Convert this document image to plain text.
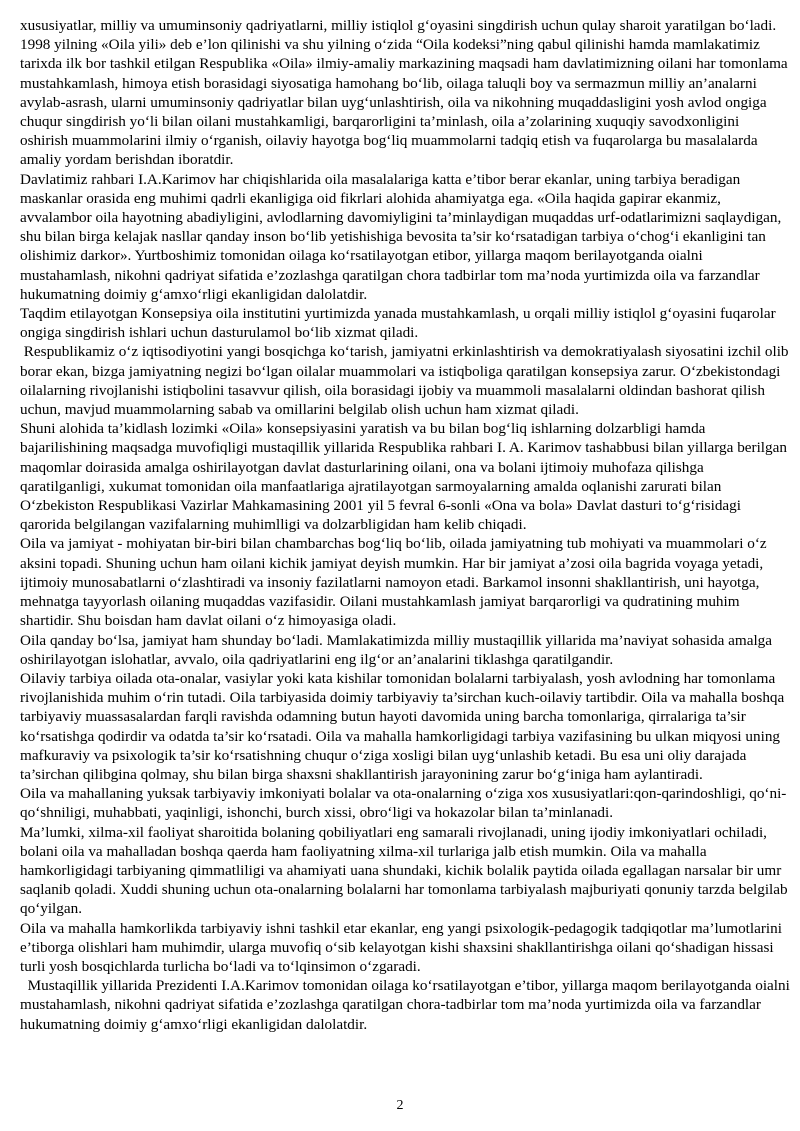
xususiyatlar, milliy va umuminsoniy qadriyatlarni, milliy istiqlol g‘oyasini singdirish uchun qulay sharoit yaratilgan bo‘ladi.

1998 yilning «Oila yili» deb e’lon qilinishi va shu yilning o‘zida “Oila kodeksi”ning qabul qilinishi hamda mamlakatimiz tarixda ilk bor tashkil etilgan Respublika «Oila» ilmiy-amaliy markazining maqsadi ham davlatimizning oilani har tomonlama mustahkamlash, himoya etish borasidagi siyosatiga hamohang bo‘lib, oilaga taluqli boy va sermazmun milliy an’analarni avylab-asrash, ularni umuminsoniy qadriyatlar bilan uyg‘unlashtirish, oila va nikohning muqaddasligini yosh avlod ongiga chuqur singdirish yo‘li bilan oilani mustahkamligi, barqarorligini ta’minlash, oila a’zolarining xuquqiy savodxonligini oshirish muammolarini ilmiy o‘rganish, oilaviy hayotga bog‘liq muammolarni tadqiq etish va fuqarolarga bu masalalarda amaliy yordam berishdan iboratdir.

Davlatimiz rahbari I.A.Karimov har chiqishlarida oila masalalariga katta e’tibor berar ekanlar, uning tarbiya beradigan maskanlar orasida eng muhimi qadrli ekanligiga oid fikrlari alohida ahamiyatga ega. «Oila haqida gapirar ekanmiz, avvalambor oila hayotning abadiyligini, avlodlarning davomiyligini ta’minlaydigan muqaddas urf-odatlarimizni saqlaydigan, shu bilan birga kelajak nasllar qanday inson bo‘lib yetishishiga bevosita ta’sir ko‘rsatadigan tarbiya o‘chog‘i ekanligini tan olishimiz darkor». Yurtboshimiz tomonidan oilaga ko‘rsatilayotgan etibor, yillarga maqom berilayotganda oialni mustahamlash, nikohni qadriyat sifatida e’zozlashga qaratilgan chora tadbirlar tom ma’noda yurtimizda oila va farzandlar hukumatning doimiy g‘amxo‘rligi ekanligidan dalolatdir.

Taqdim etilayotgan Konsepsiya oila institutini yurtimizda yanada mustahkamlash, u orqali milliy istiqlol g‘oyasini fuqarolar ongiga singdirish ishlari uchun dasturulamol bo‘lib xizmat qiladi.

Respublikamiz o‘z iqtisodiyotini yangi bosqichga ko‘tarish, jamiyatni erkinlashtirish va demokratiyalash siyosatini izchil olib borar ekan, bizga jamiyatning negizi bo‘lgan oilalar muammolari va istiqboliga qaratilgan konsepsiya zarur. O‘zbekistondagi oilalarning rivojlanishi istiqbolini tasavvur qilish, oila borasidagi ijobiy va muammoli masalalarni oldindan bashorat qilish uchun, mavjud muammolarning sabab va omillarini belgilab olish uchun ham xizmat qiladi.

Shuni alohida ta’kidlash lozimki «Oila» konsepsiyasini yaratish va bu bilan bog‘liq ishlarning dolzarbligi hamda bajarilishining maqsadga muvofiqligi mustaqillik yillarida Respublika rahbari I. A. Karimov tashabbusi bilan yillarga berilgan maqomlar doirasida amalga oshirilayotgan davlat dasturlarining oilani, ona va bolani ijtimoiy muhofaza qilishga qaratilganligi, xukumat tomonidan oila manfaatlariga ajratilayotgan sarmoyalarning amalda oqlanishi zarurati bilan O‘zbekiston Respublikasi Vazirlar Mahkamasining 2001 yil 5 fevral 6-sonli «Ona va bola» Davlat dasturi to‘g‘risidagi qarorida belgilangan vazifalarning muhimlligi va dolzarbligidan ham kelib chiqadi.

Oila va jamiyat - mohiyatan bir-biri bilan chambarchas bog‘liq bo‘lib, oilada jamiyatning tub mohiyati va muammolari o‘z aksini topadi. Shuning uchun ham oilani kichik jamiyat deyish mumkin. Har bir jamiyat a’zosi oila bagrida voyaga yetadi, ijtimoiy munosabatlarni o‘zlashtiradi va insoniy fazilatlarni namoyon etadi. Barkamol insonni shakllantirish, uni hayotga, mehnatga tayyorlash oilaning muqaddas vazifasidir. Oilani mustahkamlash jamiyat barqarorligi va qudratining muhim shartidir. Shu boisdan ham davlat oilani o‘z himoyasiga oladi.

Oila qanday bo‘lsa, jamiyat ham shunday bo‘ladi. Mamlakatimizda milliy mustaqillik yillarida ma’naviyat sohasida amalga oshirilayotgan islohatlar, avvalo, oila qadriyatlarini eng ilg‘or an’analarini tiklashga qaratilgandir.

Oilaviy tarbiya oilada ota-onalar, vasiylar yoki kata kishilar tomonidan bolalarni tarbiyalash, yosh avlodning har tomonlama rivojlanishida muhim o‘rin tutadi. Oila tarbiyasida doimiy tarbiyaviy ta’sirchan kuch-oilaviy tartibdir. Oila va mahalla boshqa tarbiyaviy muassasalardan farqli ravishda odamning butun hayoti davomida uning barcha tomonlariga, qirralariga ta’sir ko‘rsatishga qodirdir va odatda ta’sir ko‘rsatadi. Oila va mahalla hamkorligidagi tarbiya vazifasining bu ulkan miqyosi uning mafkuraviy va psixologik ta’sir ko‘rsatishning chuqur o‘ziga xosligi bilan uyg‘unlashib ketadi. Bu esa uni oliy darajada ta’sirchan qilibgina qolmay, shu bilan birga shaxsni shakllantirish jarayonining zarur bo‘g‘iniga ham aylantiradi.

Oila va mahallaning yuksak tarbiyaviy imkoniyati bolalar va ota-onalarning o‘ziga xos xususiyatlari:qon-qarindoshligi, qo‘ni-qo‘shniligi, muhabbati, yaqinligi, ishonchi, burch xissi, obro‘ligi va hokazolar bilan ta’minlanadi.

Ma’lumki, xilma-xil faoliyat sharoitida bolaning qobiliyatlari eng samarali rivojlanadi, uning ijodiy imkoniyatlari ochiladi, bolani oila va mahalladan boshqa qaerda ham faoliyatning xilma-xil turlariga jalb etish mumkin. Oila va mahalla hamkorligidagi tarbiyaning qimmatliligi va ahamiyati uana shundaki, kichik bolalik paytida oilada egallagan narsalar bir umr saqlanib qoladi. Xuddi shuning uchun ota-onalarning bolalarni har tomonlama tarbiyalash majburiyati qonuniy tarzda belgilab qo‘yilgan.

Oila va mahalla hamkorlikda tarbiyaviy ishni tashkil etar ekanlar, eng yangi psixologik-pedagogik tadqiqotlar ma’lumotlarini e’tiborga olishlari ham muhimdir, ularga muvofiq o‘sib kelayotgan kishi shaxsini shakllantirishga oilani qo‘shadigan hissasi turli yosh bosqichlarda turlicha bo‘ladi va to‘lqinsimon o‘zgaradi.

Mustaqillik yillarida Prezidenti I.A.Karimov tomonidan oilaga ko‘rsatilayotgan e’tibor, yillarga maqom berilayotganda oialni mustahamlash, nikohni qadriyat sifatida e’zozlashga qaratilgan chora-tadbirlar tom ma’noda yurtimizda oila va farzandlar hukumatning doimiy g‘amxo‘rligi ekanligidan dalolatdir.

2
